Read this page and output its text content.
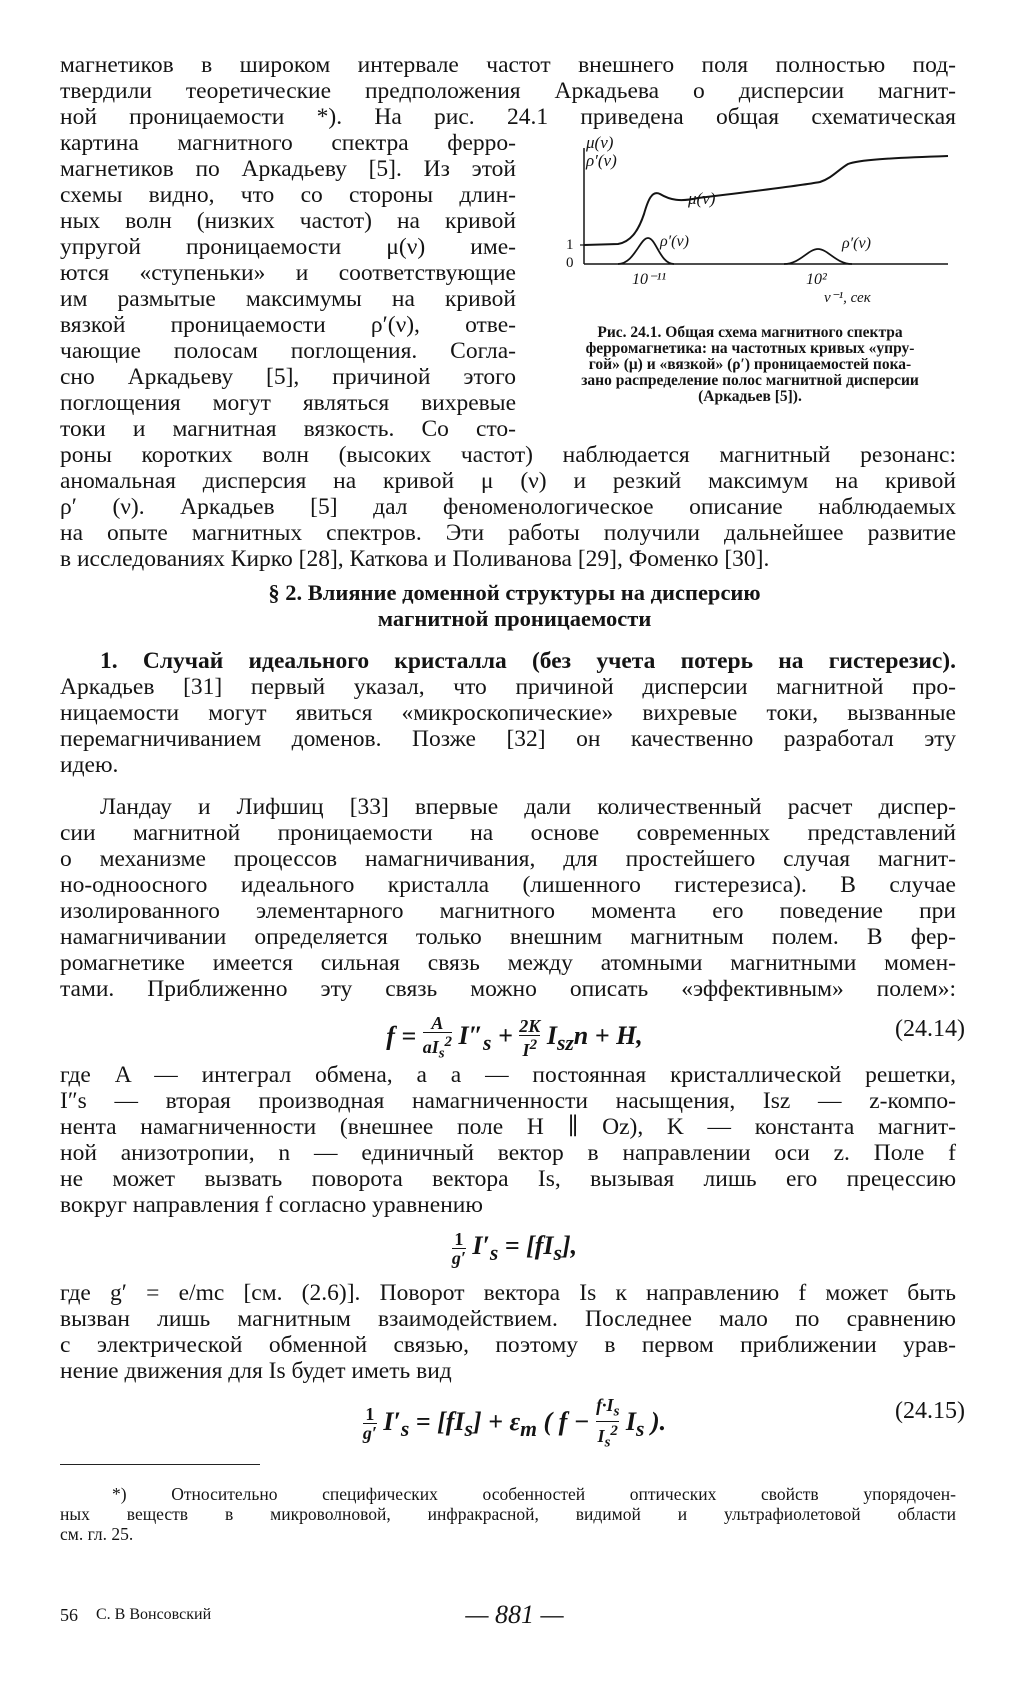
магнетиков в широком интервале частот внешнего поля полностью под-
твердили теоретические предположения Аркадьева о дисперсии магнит-
ной проницаемости *). На рис. 24.1 приведена общая схематическая
картина магнитного спектра ферро-
магнетиков по Аркадьеву [5]. Из этой
схемы видно, что со стороны длин-
ных волн (низких частот) на кривой
упругой проницаемости μ(ν) име-
ются «ступеньки» и соответствующие
им размытые максимумы на кривой
вязкой проницаемости ρ′(ν), отве-
чающие полосам поглощения. Согла-
сно Аркадьеву [5], причиной этого
поглощения могут являться вихревые
токи и магнитная вязкость. Со сто-
роны коротких волн (высоких частот) наблюдается магнитный резонанс:
аномальная дисперсия на кривой μ (ν) и резкий максимум на кривой
ρ′ (ν). Аркадьев [5] дал феноменологическое описание наблюдаемых
на опыте магнитных спектров. Эти работы получили дальнейшее развитие
в исследованиях Кирко [28], Каткова и Поливанова [29], Фоменко [30].
μ(ν)
ρ′(ν)
μ(ν)
ρ′(ν)	ρ′(ν)
1
0
10⁻¹¹	10²
ν⁻¹, сек
Рис. 24.1. Общая схема магнитного спектра
ферромагнетика: на частотных кривых «упру-
гой» (μ) и «вязкой» (ρ′) проницаемостей пока-
зано распределение полос магнитной дисперсии
(Аркадьев [5]).
§ 2. Влияние доменной структуры на дисперсию
магнитной проницаемости
1. Случай идеального кристалла (без учета потерь на гистерезис).
Аркадьев [31] первый указал, что причиной дисперсии магнитной про-
ницаемости могут явиться «микроскопические» вихревые токи, вызванные
перемагничиванием доменов. Позже [32] он качественно разработал эту
идею.
Ландау и Лифшиц [33] впервые дали количественный расчет диспер-
сии магнитной проницаемости на основе современных представлений
о механизме процессов намагничивания, для простейшего случая магнит-
но-одноосного идеального кристалла (лишенного гистерезиса). В случае
изолированного элементарного магнитного момента его поведение при
намагничивании определяется только внешним магнитным полем. В фер-
ромагнетике имеется сильная связь между атомными магнитными момен-
тами. Приближенно эту связь можно описать «эффективным» полем»:
f = A
$aI_s^2$ $I''_s + \frac{2K}{I^2} I_{sz}n + H$,	(24.14)
где A — интеграл обмена, а a — постоянная кристаллической решетки,
I″s — вторая производная намагниченности насыщения, Isz — z-компо-
нента намагниченности (внешнее поле H ∥ Oz), K — константа магнит-
ной анизотропии, n — единичный вектор в направлении оси z. Поле f
не может вызвать поворота вектора Is, вызывая лишь его прецессию
вокруг направления f согласно уравнению
$\frac{1}{g'} I'_s = [fI_s]$,
где g′ = e/mc [см. (2.6)]. Поворот вектора Is к направлению f может быть
вызван лишь магнитным взаимодействием. Последнее мало по сравнению
с электрической обменной связью, поэтому в первом приближении урав-
нение движения для Is будет иметь вид
$\frac{1}{g'} I'_s = [fI_s] + \varepsilon_m$ ( $f - \frac{f\cdot I_s}{I_s^2} I_s$ ).	(24.15)
*) Относительно специфических особенностей оптических свойств упорядочен-
ных веществ в микроволновой, инфракрасной, видимой и ультрафиолетовой области
см. гл. 25.
56 С. В Вонсовский	— 881 —
